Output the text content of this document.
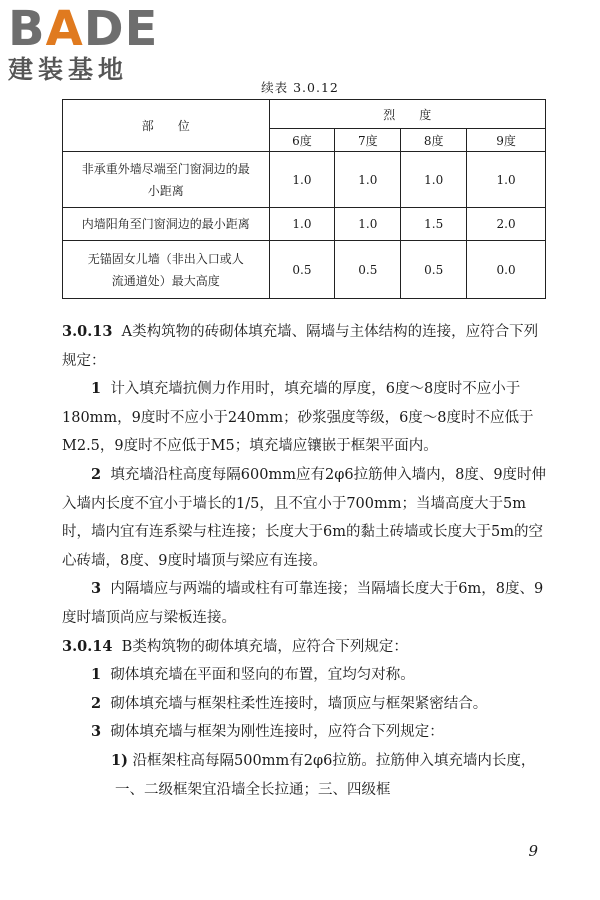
BADE
建装基地
续表 3.0.12
部　　位	烈　　度			
	6度	7度	8度	9度
非承重外墙尽端至门窗洞边的最小距离	1.0	1.0	1.0	1.0
内墙阳角至门窗洞边的最小距离	1.0	1.0	1.5	2.0
无锚固女儿墙（非出入口或人流通道处）最大高度	0.5	0.5	0.5	0.0

3.0.13 A类构筑物的砖砌体填充墙、隔墙与主体结构的连接，应符合下列规定：

1 计入填充墙抗侧力作用时，填充墙的厚度，6度～8度时不应小于180mm，9度时不应小于240mm；砂浆强度等级，6度～8度时不应低于M2.5，9度时不应低于M5；填充墙应镶嵌于框架平面内。

2 填充墙沿柱高度每隔600mm应有2φ6拉筋伸入墙内，8度、9度时伸入墙内长度不宜小于墙长的1/5，且不宜小于700mm；当墙高度大于5m时，墙内宜有连系梁与柱连接；长度大于6m的黏土砖墙或长度大于5m的空心砖墙，8度、9度时墙顶与梁应有连接。

3 内隔墙应与两端的墙或柱有可靠连接；当隔墙长度大于6m，8度、9度时墙顶尚应与梁板连接。

3.0.14 B类构筑物的砌体填充墙，应符合下列规定：

1 砌体填充墙在平面和竖向的布置，宜均匀对称。

2 砌体填充墙与框架柱柔性连接时，墙顶应与框架紧密结合。

3 砌体填充墙与框架为刚性连接时，应符合下列规定：

1) 沿框架柱高每隔500mm有2φ6拉筋。拉筋伸入填充墙内长度，一、二级框架宜沿墙全长拉通；三、四级框

9
